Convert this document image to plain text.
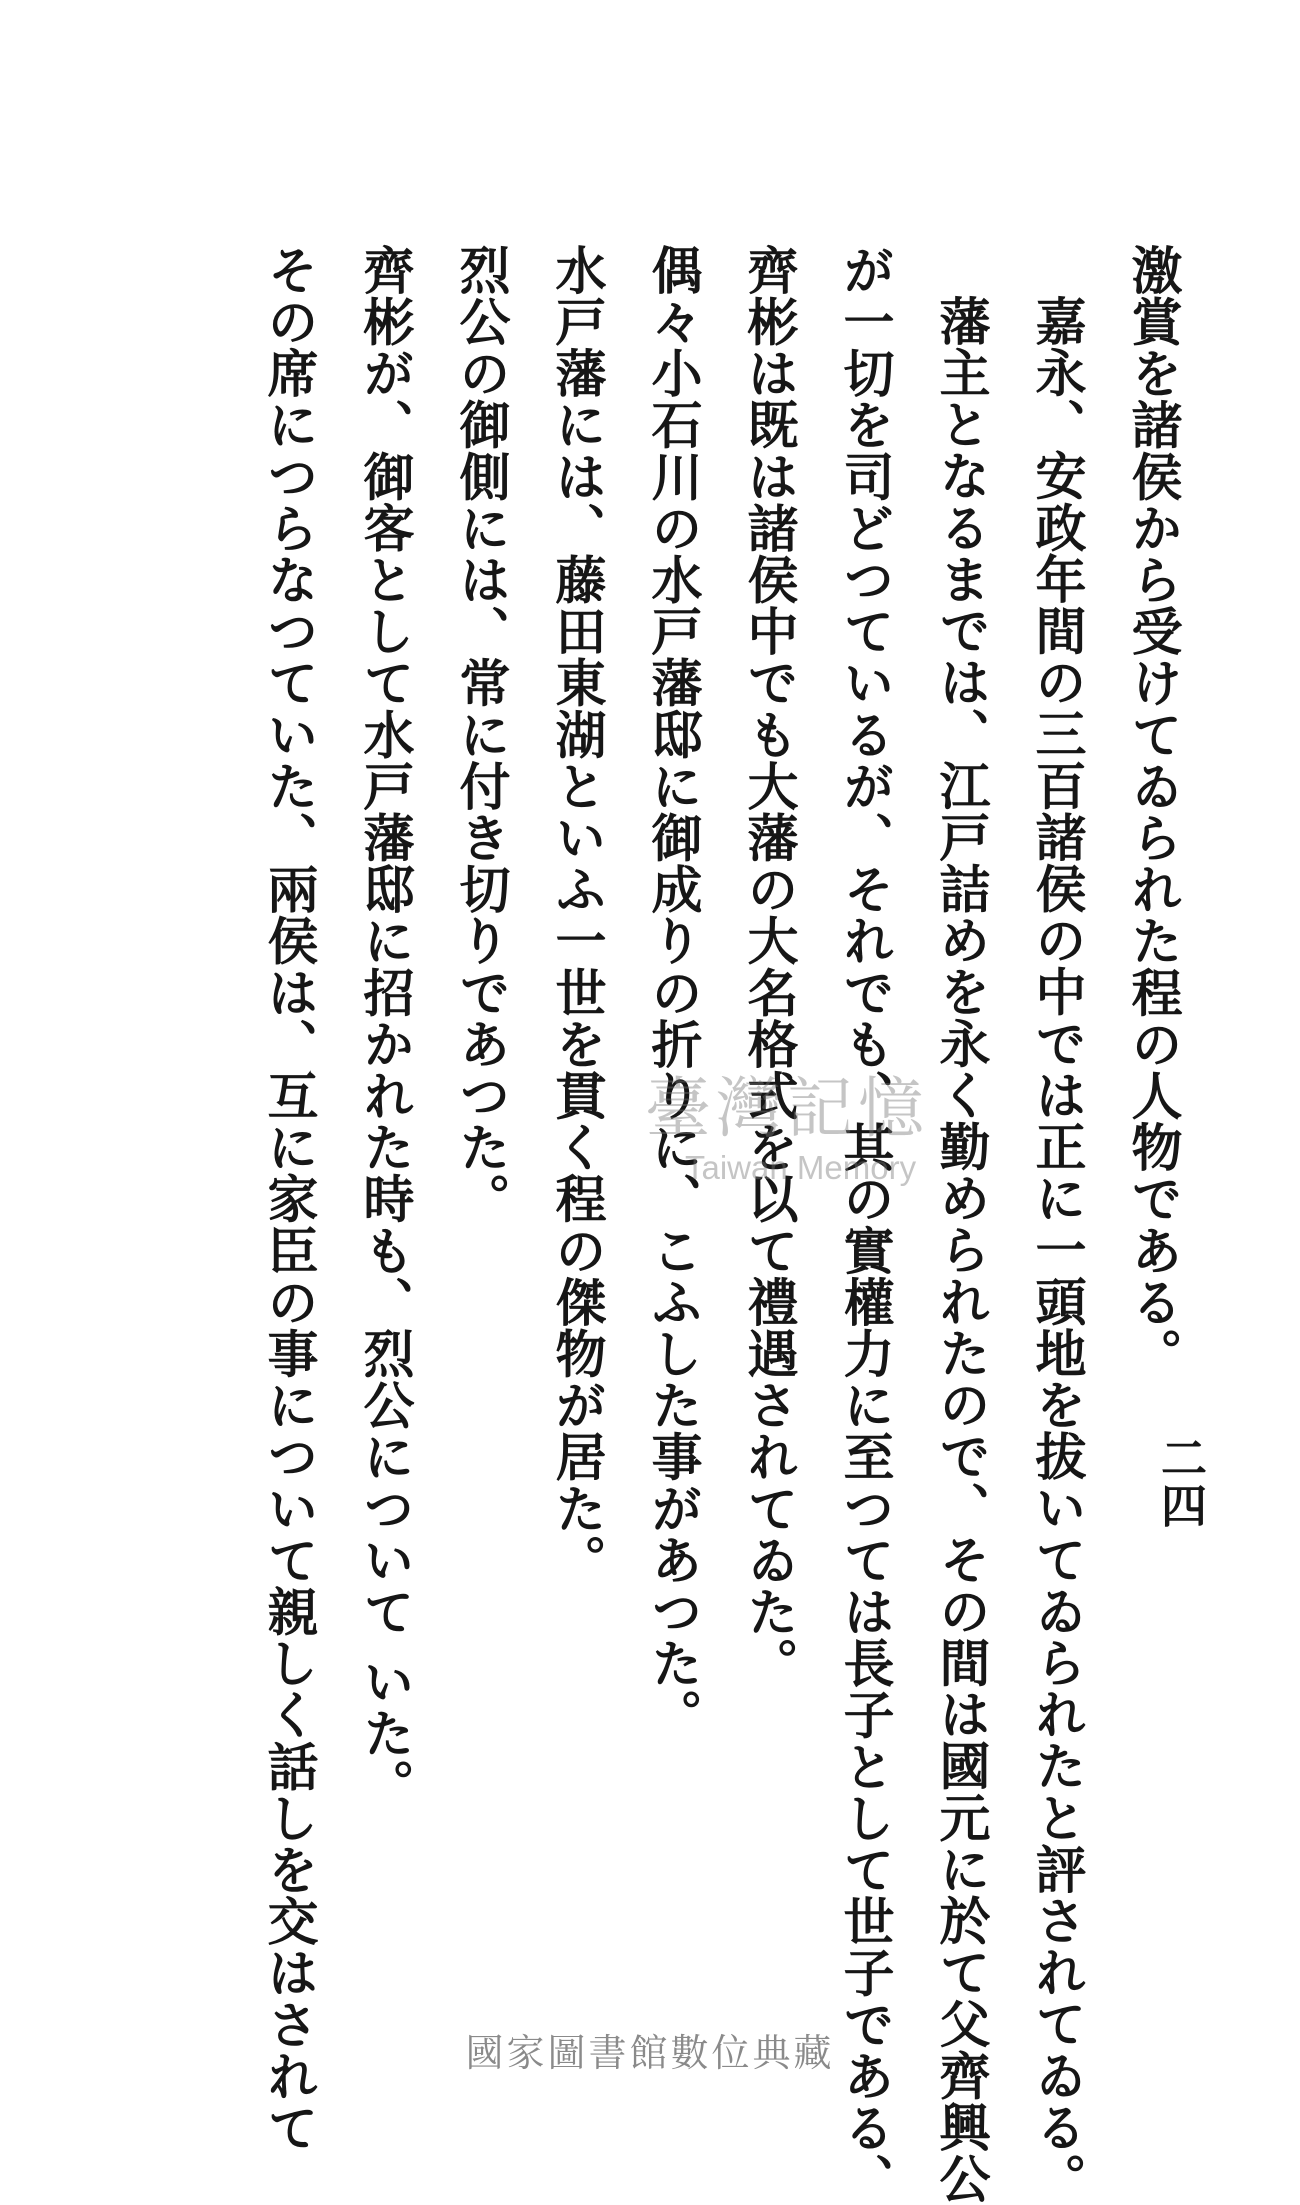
二四
激賞を諸侯から受けてゐられた程の人物である。
嘉永、安政年間の三百諸侯の中では正に一頭地を拔いてゐられたと評されてゐる。
藩主となるまでは、江戸詰めを永く勤められたので、その間は國元に於て父齊興公
が一切を司どつているが、それでも、其の實權力に至つては長子として世子である、
齊彬は既は諸侯中でも大藩の大名格式を以て禮遇されてゐた。
偶々小石川の水戸藩邸に御成りの折りに、こふした事があつた。
水戸藩には、藤田東湖といふ一世を貫く程の傑物が居た。
烈公の御側には、常に付き切りであつた。
齊彬が、御客として水戸藩邸に招かれた時も、烈公について いた。
その席につらなつていた、兩侯は、互に家臣の事について親しく話しを交はされて	臺灣記憶
Taiwan Memory
國家圖書館數位典藏
